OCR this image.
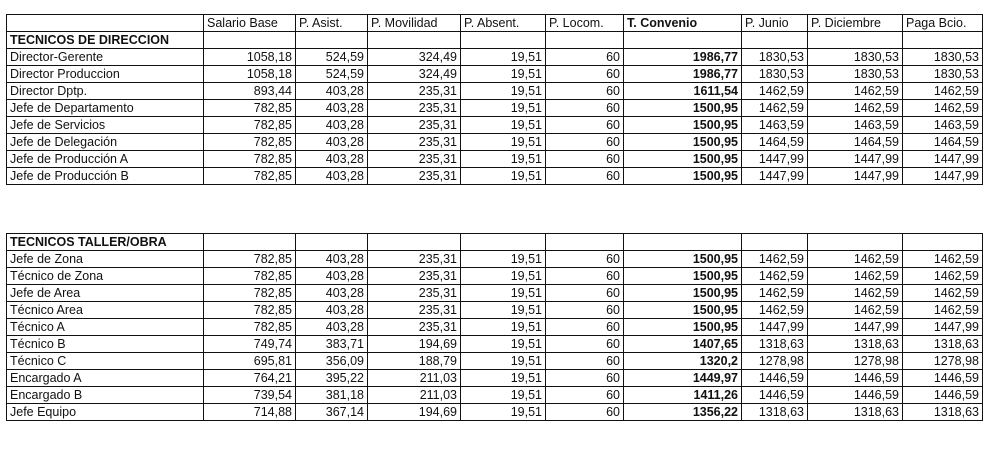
	Salario Base	P. Asist.	P. Movilidad	P. Absent.	P. Locom.	T. Convenio	P. Junio	P. Diciembre	Paga Bcio.
TECNICOS DE DIRECCION									
Director-Gerente	1058,18	524,59	324,49	19,51	60	1986,77	1830,53	1830,53	1830,53
Director Produccion	1058,18	524,59	324,49	19,51	60	1986,77	1830,53	1830,53	1830,53
Director Dptp.	893,44	403,28	235,31	19,51	60	1611,54	1462,59	1462,59	1462,59
Jefe de Departamento	782,85	403,28	235,31	19,51	60	1500,95	1462,59	1462,59	1462,59
Jefe de Servicios	782,85	403,28	235,31	19,51	60	1500,95	1463,59	1463,59	1463,59
Jefe de Delegación	782,85	403,28	235,31	19,51	60	1500,95	1464,59	1464,59	1464,59
Jefe de Producción A	782,85	403,28	235,31	19,51	60	1500,95	1447,99	1447,99	1447,99
Jefe de Producción B	782,85	403,28	235,31	19,51	60	1500,95	1447,99	1447,99	1447,99
TECNICOS TALLER/OBRA									
Jefe de Zona	782,85	403,28	235,31	19,51	60	1500,95	1462,59	1462,59	1462,59
Técnico de Zona	782,85	403,28	235,31	19,51	60	1500,95	1462,59	1462,59	1462,59
Jefe de Area	782,85	403,28	235,31	19,51	60	1500,95	1462,59	1462,59	1462,59
Técnico Area	782,85	403,28	235,31	19,51	60	1500,95	1462,59	1462,59	1462,59
Técnico A	782,85	403,28	235,31	19,51	60	1500,95	1447,99	1447,99	1447,99
Técnico B	749,74	383,71	194,69	19,51	60	1407,65	1318,63	1318,63	1318,63
Técnico C	695,81	356,09	188,79	19,51	60	1320,2	1278,98	1278,98	1278,98
Encargado A	764,21	395,22	211,03	19,51	60	1449,97	1446,59	1446,59	1446,59
Encargado B	739,54	381,18	211,03	19,51	60	1411,26	1446,59	1446,59	1446,59
Jefe Equipo	714,88	367,14	194,69	19,51	60	1356,22	1318,63	1318,63	1318,63
